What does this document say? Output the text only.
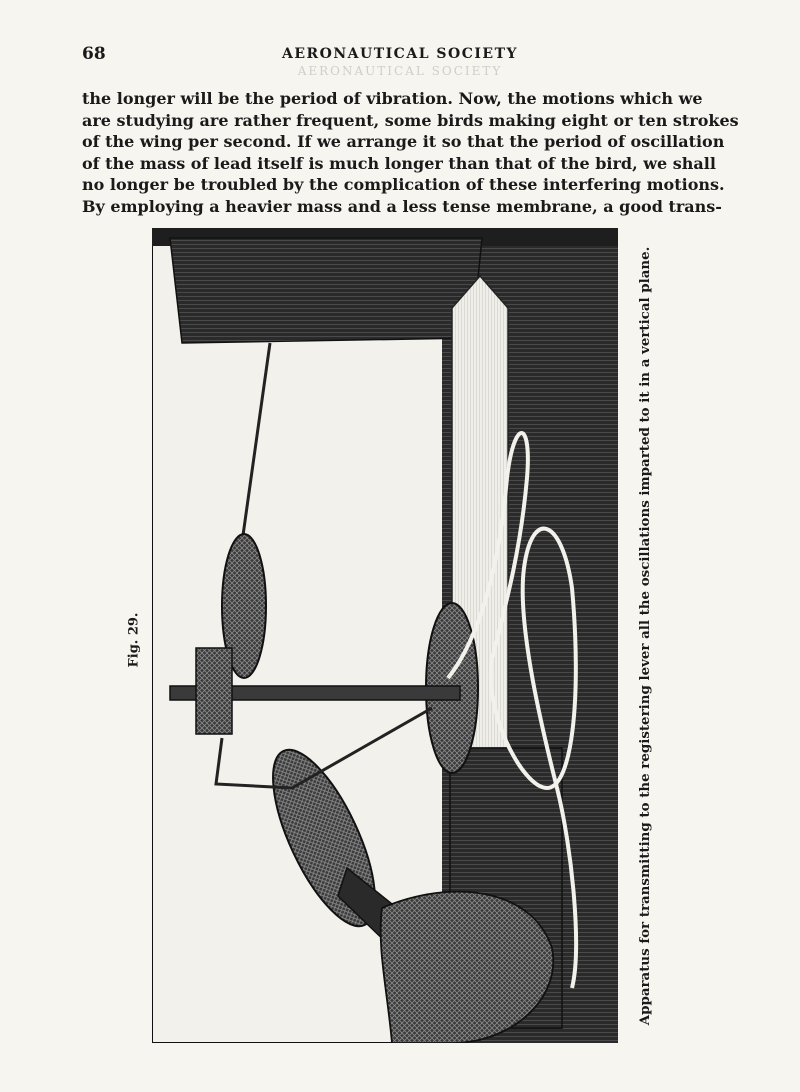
68	AERONAUTICAL SOCIETY
AERONAUTICAL SOCIETY
the longer will be the period of vibration. Now, the motions which we
are studying are rather frequent, some birds making eight or ten strokes
of the wing per second. If we arrange it so that the period of oscillation
of the mass of lead itself is much longer than that of the bird, we shall
no longer be troubled by the complication of these interfering motions.
By employing a heavier mass and a less tense membrane, a good trans-
Fig. 29.	Apparatus for transmitting to the registering lever all the oscillations imparted to it in a vertical plane.
